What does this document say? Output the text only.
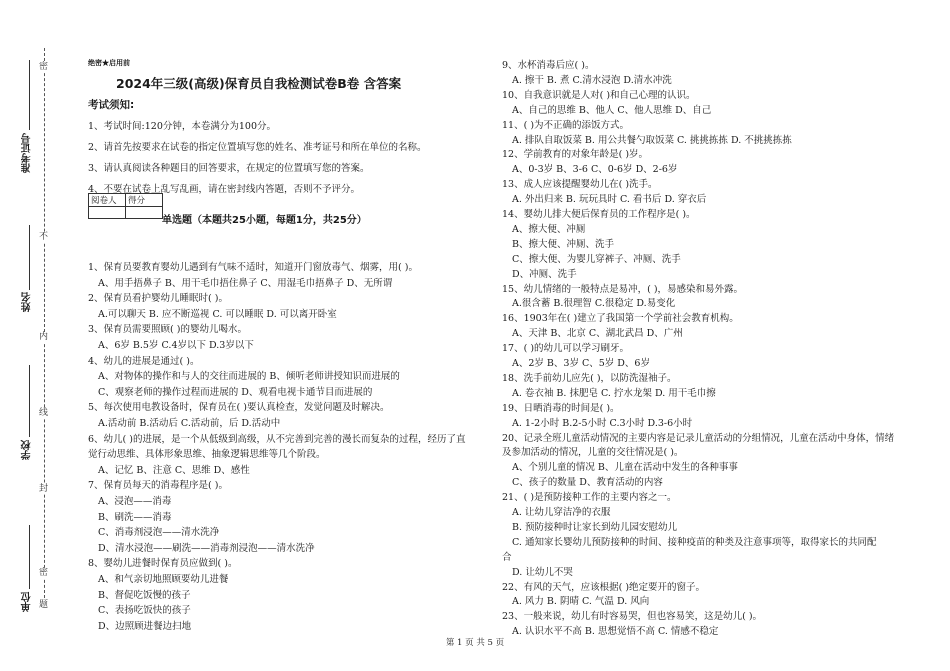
密
不
内
线
封
密
题
准考证号
姓名
学校
单位
绝密★启用前
2024年三级(高级)保育员自我检测试卷B卷 含答案
考试须知:
1、考试时间:120分钟，本卷满分为100分。
2、请首先按要求在试卷的指定位置填写您的姓名、准考证号和所在单位的名称。
3、请认真阅读各种题目的回答要求，在规定的位置填写您的答案。
4、不要在试卷上乱写乱画，请在密封线内答题，否则不予评分。
阅卷人	得分

单选题（本题共25小题，每题1分，共25分）
1、保育员要教育婴幼儿遇到有气味不适时，知道开门窗放毒气、烟雾，用( )。
A、用手捂鼻子 B、用干毛巾捂住鼻子 C、用湿毛巾捂鼻子 D、无所谓
2、保育员看护婴幼儿睡眠时( )。
A.可以聊天 B. 应不断巡视 C. 可以睡眠 D. 可以离开卧室
3、保育员需要照顾( )的婴幼儿喝水。
A、6岁 B.5岁 C.4岁以下 D.3岁以下
4、幼儿的进展是通过( )。
A、对物体的操作和与人的交往而进展的 B、倾听老师讲授知识而进展的
C、观察老师的操作过程而进展的 D、观看电视卡通节目而进展的
5、每次使用电教设备时，保育员在( )要认真检查，发觉问题及时解决。
A.活动前 B.活动后 C.活动前，后 D.活动中
6、幼儿( )的进展，是一个从低级到高级，从不完善到完善的漫长而复杂的过程，经历了直
觉行动思维、具体形象思维、抽象逻辑思维等几个阶段。
A、记忆 B、注意 C、思维 D、感性
7、保育员每天的消毒程序是( )。
A、浸泡——消毒
B、刷洗——消毒
C、消毒剂浸泡——清水洗净
D、清水浸泡——刷洗——消毒剂浸泡——清水洗净
8、婴幼儿进餐时保育员应做到( )。
A、和气亲切地照顾要幼儿进餐
B、督促吃饭慢的孩子
C、表扬吃饭快的孩子
D、边照顾进餐边扫地
9、水杯消毒后应( )。
A. 擦干 B. 煮 C.清水浸泡 D.清水冲洗
10、自我意识就是人对( )和自己心理的认识。
A、自己的思维 B、他人 C、他人思维 D、自己
11、( )为不正确的添饭方式。
A. 排队自取饭菜 B. 用公共餐勺取饭菜 C. 挑挑拣拣 D. 不挑挑拣拣
12、学前教育的对象年龄是( )岁。
A、0-3岁 B、3-6 C、0-6岁 D、2-6岁
13、成人应该提醒婴幼儿在( )洗手。
A. 外出归来 B. 玩玩具时 C. 看书后 D. 穿衣后
14、婴幼儿排大便后保育员的工作程序是( )。
A、擦大便、冲厕
B、擦大便、冲厕、洗手
C、擦大便、为婴儿穿裤子、冲厕、洗手
D、冲厕、洗手
15、幼儿情绪的一般特点是易冲，( )，易感染和易外露。
A.很含蓄 B.很理智 C.很稳定 D.易变化
16、1903年在( )建立了我国第一个学前社会教育机构。
A、天津 B、北京 C、湖北武昌 D、广州
17、( )的幼儿可以学习刷牙。
A、2岁 B、3岁 C、5岁 D、6岁
18、洗手前幼儿应先( )，以防洗湿袖子。
A. 卷衣袖 B. 抹肥皂 C. 拧水龙架 D. 用干毛巾擦
19、日晒消毒的时间是( )。
A. 1-2小时 B.2-5小时 C.3小时 D.3-6小时
20、记录全班儿童活动情况的主要内容是记录儿童活动的分组情况，儿童在活动中身体，情绪
及参加活动的情况，儿童的交往情况是( )。
A、个别儿童的情况 B、儿童在活动中发生的各种事事
C、孩子的数量 D、教育活动的内容
21、( )是预防接种工作的主要内容之一。
A. 让幼儿穿洁净的衣服
B. 预防接种时让家长到幼儿园安慰幼儿
C. 通知家长婴幼儿预防接种的时间、接种疫苗的种类及注意事项等，取得家长的共同配
合
D. 让幼儿不哭
22、有风的天气，应该根据( )绝定要开的窗子。
A. 风力 B. 阴晴 C. 气温 D. 风向
23、一般来说，幼儿有时容易哭，但也容易笑，这是幼儿( )。
A. 认识水平不高 B. 思想觉悟不高 C. 情感不稳定
第 1 页 共 5 页
